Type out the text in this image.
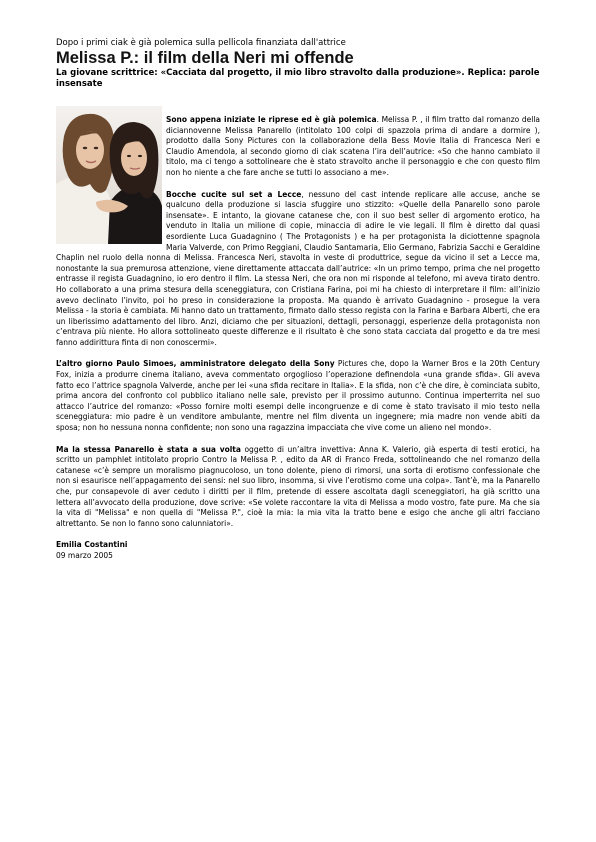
Dopo i primi ciak è già polemica sulla pellicola finanziata dall'attrice
Melissa P.: il film della Neri mi offende
La giovane scrittrice: «Cacciata dal progetto, il mio libro stravolto dalla produzione». Replica: parole insensate

Sono appena iniziate le riprese ed è già polemica. Melissa P. , il film tratto dal romanzo della diciannovenne Melissa Panarello (intitolato 100 colpi di spazzola prima di andare a dormire ), prodotto dalla Sony Pictures con la collaborazione della Bess Movie Italia di Francesca Neri e Claudio Amendola, al secondo giorno di ciak scatena l’ira dell’autrice: «So che hanno cambiato il titolo, ma ci tengo a sottolineare che è stato stravolto anche il personaggio e che con questo film non ho niente a che fare anche se tutti lo associano a me».

Bocche cucite sul set a Lecce, nessuno del cast intende replicare alle accuse, anche se qualcuno della produzione si lascia sfuggire uno stizzito: «Quelle della Panarello sono parole insensate». E intanto, la giovane catanese che, con il suo best seller di argomento erotico, ha venduto in Italia un milione di copie, minaccia di adire le vie legali. Il film è diretto dal quasi esordiente Luca Guadagnino ( The Protagonists ) e ha per protagonista la diciottenne spagnola Maria Valverde, con Primo Reggiani, Claudio Santamaria, Elio Germano, Fabrizia Sacchi e Geraldine Chaplin nel ruolo della nonna di Melissa. Francesca Neri, stavolta in veste di produttrice, segue da vicino il set a Lecce ma, nonostante la sua premurosa attenzione, viene direttamente attaccata dall’autrice: «In un primo tempo, prima che nel progetto entrasse il regista Guadagnino, io ero dentro il film. La stessa Neri, che ora non mi risponde al telefono, mi aveva tirato dentro. Ho collaborato a una prima stesura della sceneggiatura, con Cristiana Farina, poi mi ha chiesto di interpretare il film: all’inizio avevo declinato l’invito, poi ho preso in considerazione la proposta. Ma quando è arrivato Guadagnino - prosegue la vera Melissa - la storia è cambiata. Mi hanno dato un trattamento, firmato dallo stesso regista con la Farina e Barbara Alberti, che era un liberissimo adattamento del libro. Anzi, diciamo che per situazioni, dettagli, personaggi, esperienze della protagonista non c’entrava più niente. Ho allora sottolineato queste differenze e il risultato è che sono stata cacciata dal progetto e da tre mesi fanno addirittura finta di non conoscermi».

L’altro giorno Paulo Simoes, amministratore delegato della Sony Pictures che, dopo la Warner Bros e la 20th Century Fox, inizia a produrre cinema italiano, aveva commentato orgoglioso l’operazione definendola «una grande sfida». Gli aveva fatto eco l’attrice spagnola Valverde, anche per lei «una sfida recitare in Italia». E la sfida, non c’è che dire, è cominciata subito, prima ancora del confronto col pubblico italiano nelle sale, previsto per il prossimo autunno. Continua imperterrita nel suo attacco l’autrice del romanzo: «Posso fornire molti esempi delle incongruenze e di come è stato travisato il mio testo nella sceneggiatura: mio padre è un venditore ambulante, mentre nel film diventa un ingegnere; mia madre non vende abiti da sposa; non ho nessuna nonna confidente; non sono una ragazzina impacciata che vive come un alieno nel mondo».

Ma la stessa Panarello è stata a sua volta oggetto di un’altra invettiva: Anna K. Valerio, già esperta di testi erotici, ha scritto un pamphlet intitolato proprio Contro la Melissa P. , edito da AR di Franco Freda, sottolineando che nel romanzo della catanese «c’è sempre un moralismo piagnucoloso, un tono dolente, pieno di rimorsi, una sorta di erotismo confessionale che non si esaurisce nell’appagamento dei sensi: nel suo libro, insomma, si vive l’erotismo come una colpa». Tant’è, ma la Panarello che, pur consapevole di aver ceduto i diritti per il film, pretende di essere ascoltata dagli sceneggiatori, ha già scritto una lettera all’avvocato della produzione, dove scrive: «Se volete raccontare la vita di Melissa a modo vostro, fate pure. Ma che sia la vita di "Melissa" e non quella di "Melissa P.", cioè la mia: la mia vita la tratto bene e esigo che anche gli altri facciano altrettanto. Se non lo fanno sono calunniatori».

Emilia Costantini
09 marzo 2005
